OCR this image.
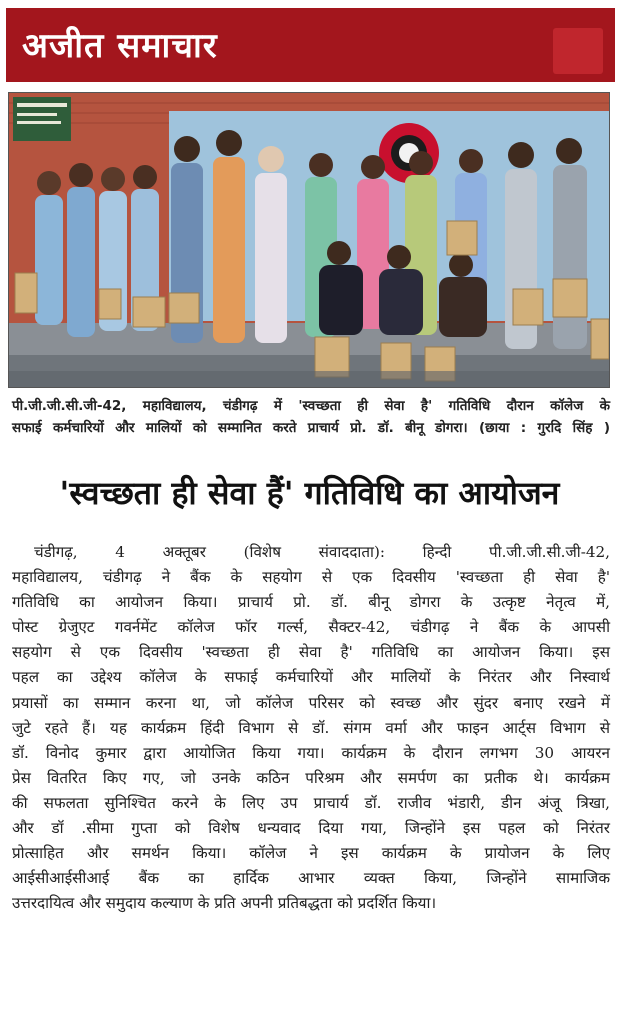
अजीत समाचार

पी.जी.जी.सी.जी-42, महाविद्यालय, चंडीगढ़ में 'स्वच्छता ही सेवा है' गतिविधि दौरान कॉलेज के

सफाई कर्मचारियों और मालियों को सम्मानित करते प्राचार्य प्रो. डॉ. बीनू डोगरा। (छाया : गुरदि सिंह )

'स्वच्छता ही सेवा हैं' गतिविधि का आयोजन

चंडीगढ़, 4 अक्तूबर (विशेष संवाददाता): हिन्दी पी.जी.जी.सी.जी-42,

महाविद्यालय, चंडीगढ़ ने बैंक के सहयोग से एक दिवसीय 'स्वच्छता ही सेवा है'

गतिविधि का आयोजन किया। प्राचार्य प्रो. डॉ. बीनू डोगरा के उत्कृष्ट नेतृत्व में,

पोस्ट ग्रेजुएट गवर्नमेंट कॉलेज फॉर गर्ल्स, सैक्टर-42, चंडीगढ़ ने बैंक के आपसी

सहयोग से एक दिवसीय 'स्वच्छता ही सेवा है' गतिविधि का आयोजन किया। इस

पहल का उद्देश्य कॉलेज के सफाई कर्मचारियों और मालियों के निरंतर और निस्वार्थ

प्रयासों का सम्मान करना था, जो कॉलेज परिसर को स्वच्छ और सुंदर बनाए रखने में

जुटे रहते हैं। यह कार्यक्रम हिंदी विभाग से डॉ. संगम वर्मा और फाइन आर्ट्स विभाग से

डॉ. विनोद कुमार द्वारा आयोजित किया गया। कार्यक्रम के दौरान लगभग 30 आयरन

प्रेस वितरित किए गए, जो उनके कठिन परिश्रम और समर्पण का प्रतीक थे। कार्यक्रम

की सफलता सुनिश्चित करने के लिए उप प्राचार्य डॉ. राजीव भंडारी, डीन अंजू त्रिखा,

और डॉ .सीमा गुप्ता को विशेष धन्यवाद दिया गया, जिन्होंने इस पहल को निरंतर

प्रोत्साहित और समर्थन किया। कॉलेज ने इस कार्यक्रम के प्रायोजन के लिए

आईसीआईसीआई बैंक का हार्दिक आभार व्यक्त किया, जिन्होंने सामाजिक

उत्तरदायित्व और समुदाय कल्याण के प्रति अपनी प्रतिबद्धता को प्रदर्शित किया।
